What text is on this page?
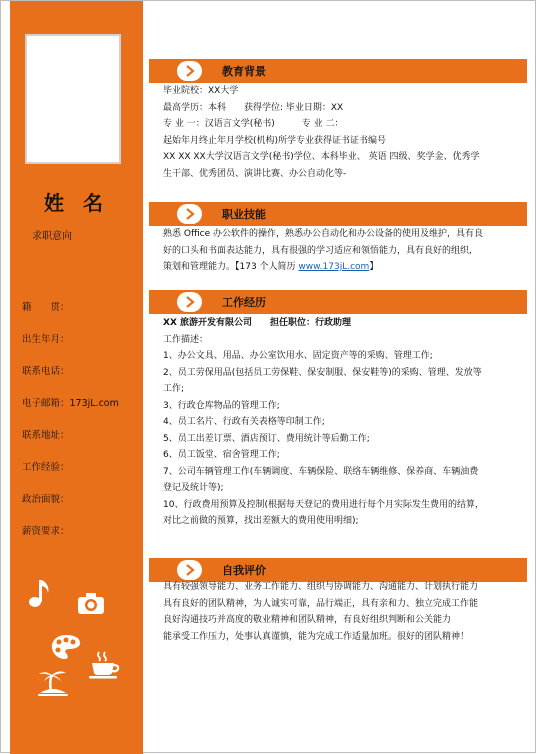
姓 名
求职意向
籍　　贯：
出生年月：
联系电话：
电子邮箱：173jL.com
联系地址：
工作经验：
政治面貌：
薪资要求：
教育背景

毕业院校：XX大学

最高学历：本科　　获得学位: 毕业日期：XX

专 业 一：汉语言文学(秘书)　　　专 业 二：

起始年月终止年月学校(机构)所学专业获得证书证书编号

XX XX XX大学汉语言文学(秘书)学位、本科毕业、 英语 四级、奖学金、优秀学

生干部、优秀团员、演讲比赛、办公自动化等-

职业技能

熟悉 Office 办公软件的操作，熟悉办公自动化和办公设备的使用及维护，具有良

好的口头和书面表达能力，具有很强的学习适应和领悟能力，具有良好的组织,

策划和管理能力。【173 个人简历 www.173jL.com】

工作经历

XX 旅游开发有限公司　　担任职位：行政助理

工作描述：

1、办公文具、用品、办公室饮用水、固定资产等的采购、管理工作;

2、员工劳保用品(包括员工劳保鞋、保安制服、保安鞋等)的采购、管理、发放等

工作;

3、行政仓库物品的管理工作;

4、员工名片、行政有关表格等印制工作;

5、员工出差订票、酒店预订、费用统计等后勤工作;

6、员工饭堂、宿舍管理工作;

7、公司车辆管理工作(车辆调度、车辆保险、联络车辆维修、保养商、车辆油费

登记及统计等);

10、行政费用预算及控制(根据每天登记的费用进行每个月实际发生费用的结算，

对比之前做的预算，找出差额大的费用使用明细);

自我评价

具有较强领导能力、业务工作能力、组织与协调能力、沟通能力、计划执行能力

具有良好的团队精神，为人诚实可靠，品行端正，具有亲和力、独立完成工作能

良好沟通技巧并高度的敬业精神和团队精神，有良好组织判断和公关能力

能承受工作压力，处事认真谨慎，能为完成工作适量加班。很好的团队精神！
